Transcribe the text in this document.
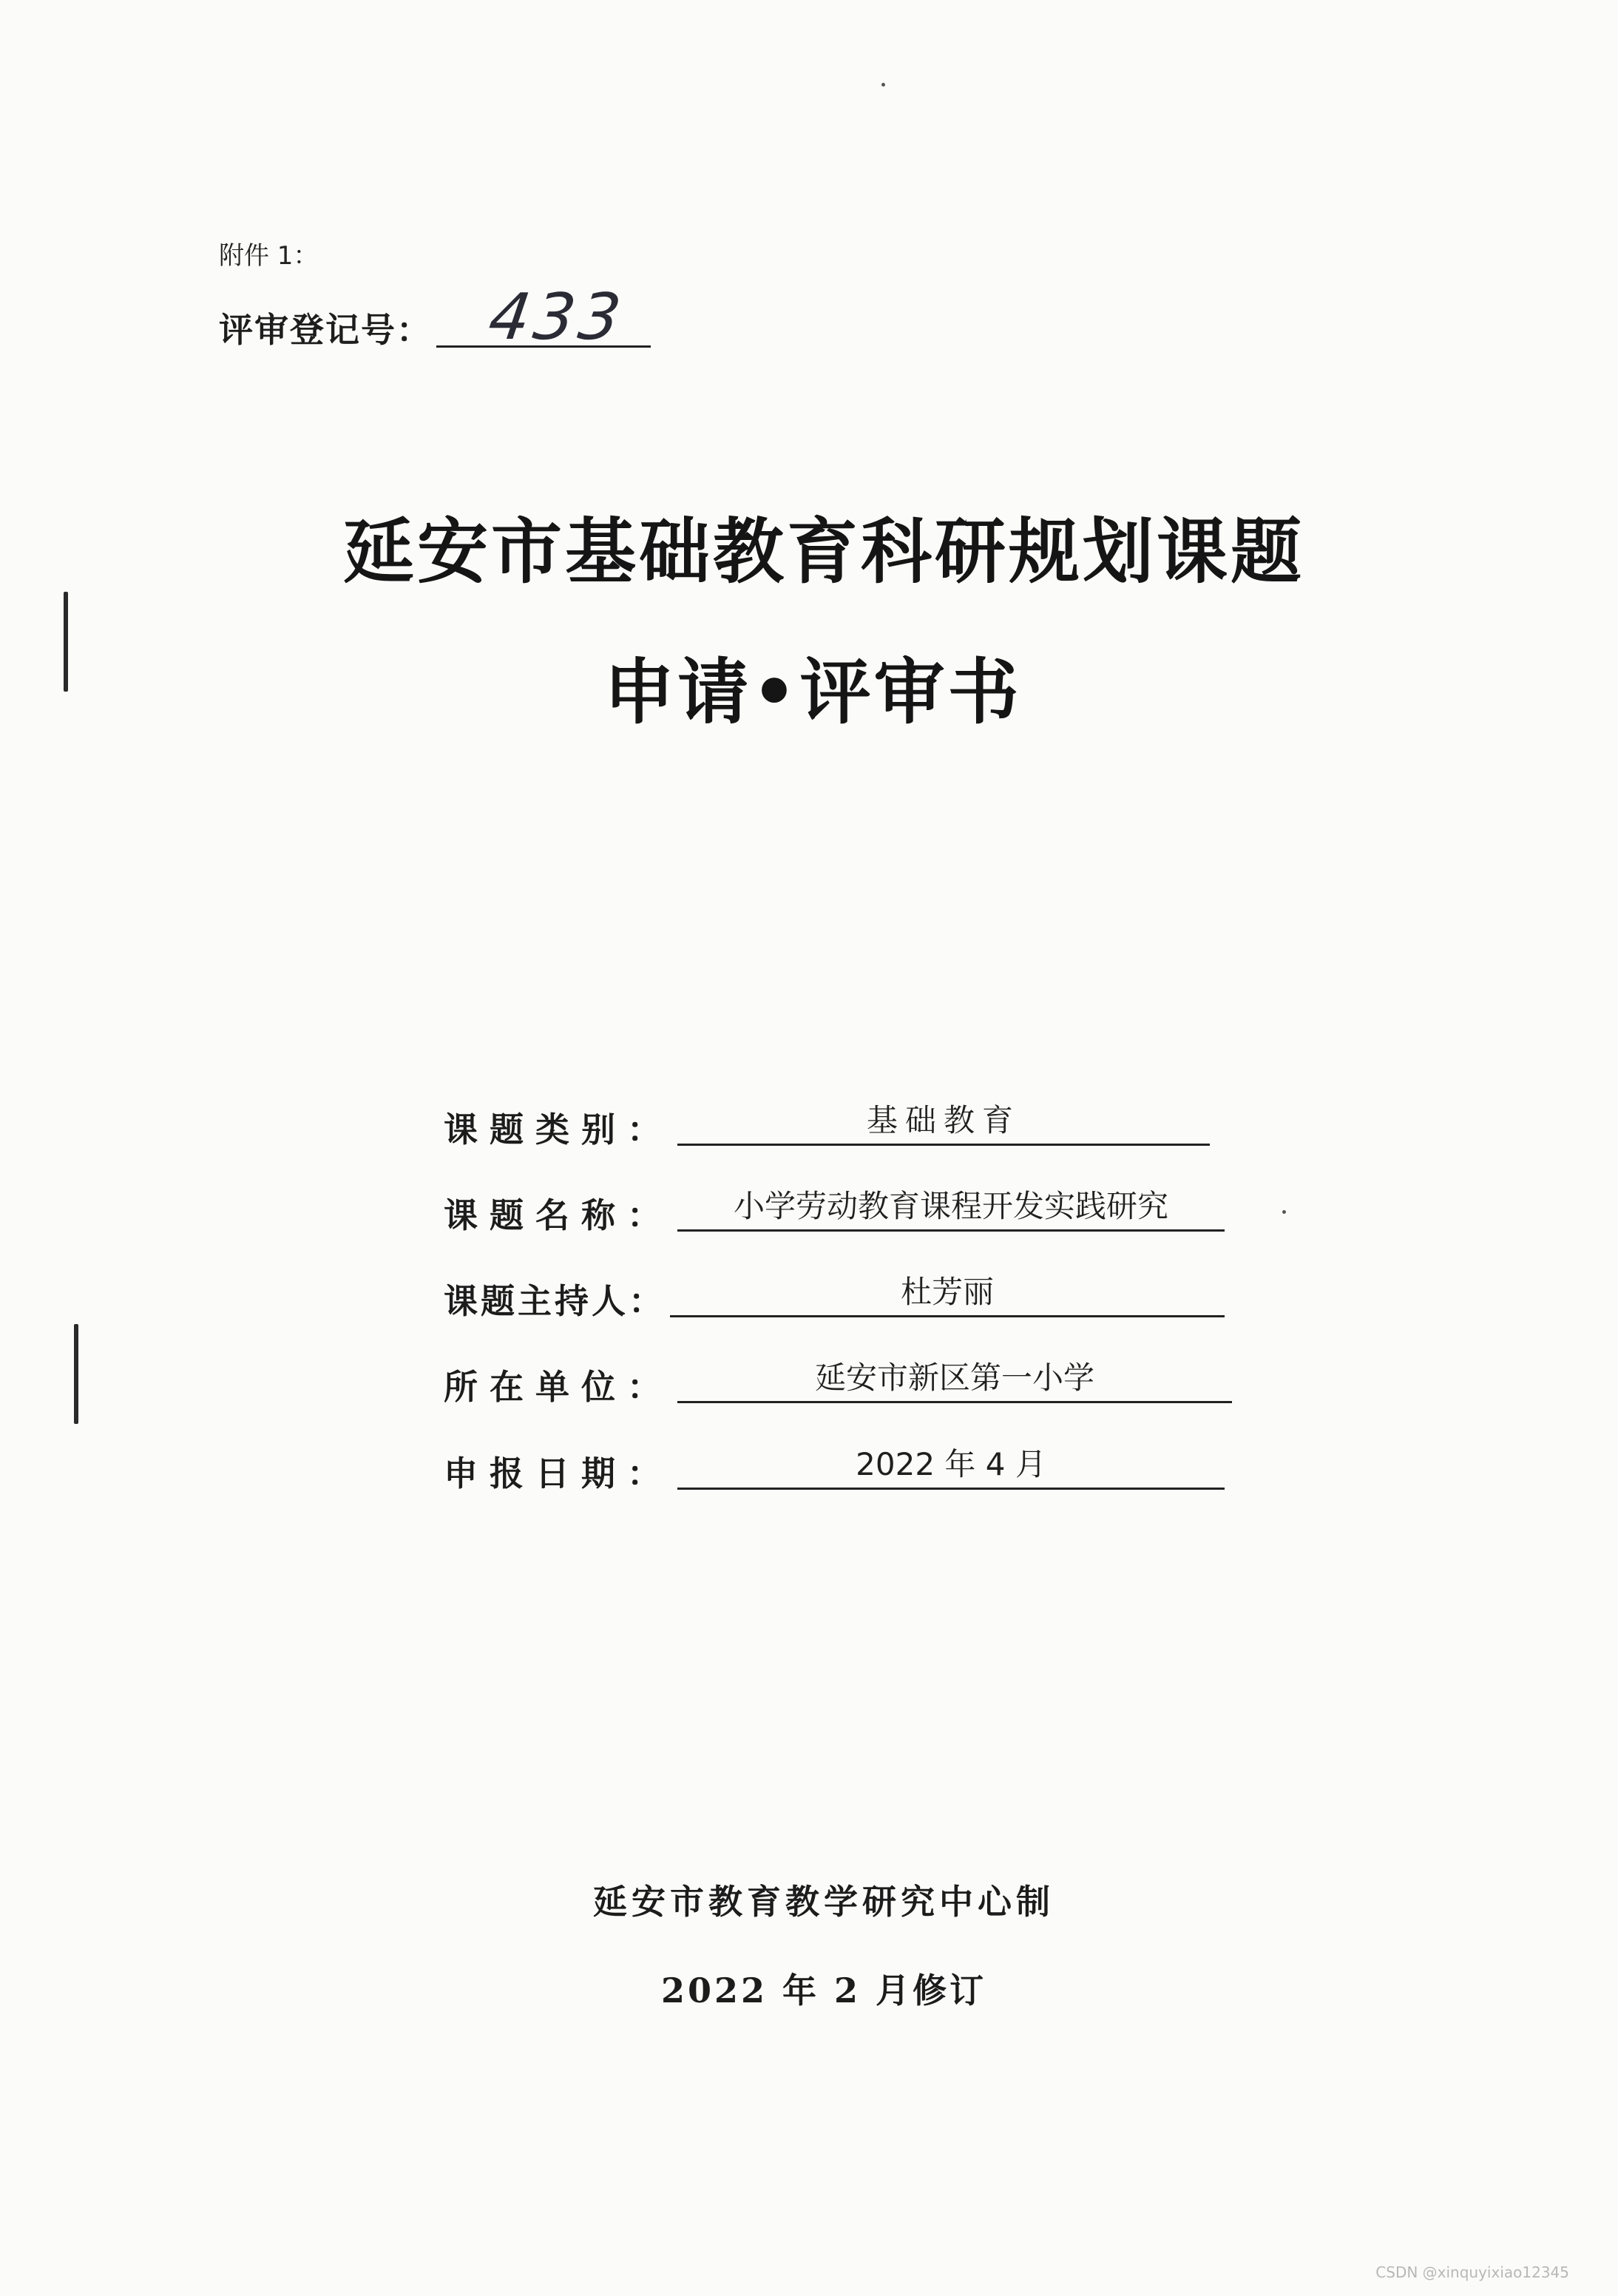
附件 1：
评审登记号： 433
延安市基础教育科研规划课题
申请•评审书
课题类别：	基础教育
课题名称：	小学劳动教育课程开发实践研究
课题主持人：	杜芳丽
所在单位：	延安市新区第一小学
申报日期：	2022 年 4 月
延安市教育教学研究中心制
2022 年 2 月修订
CSDN @xinquyixiao12345
